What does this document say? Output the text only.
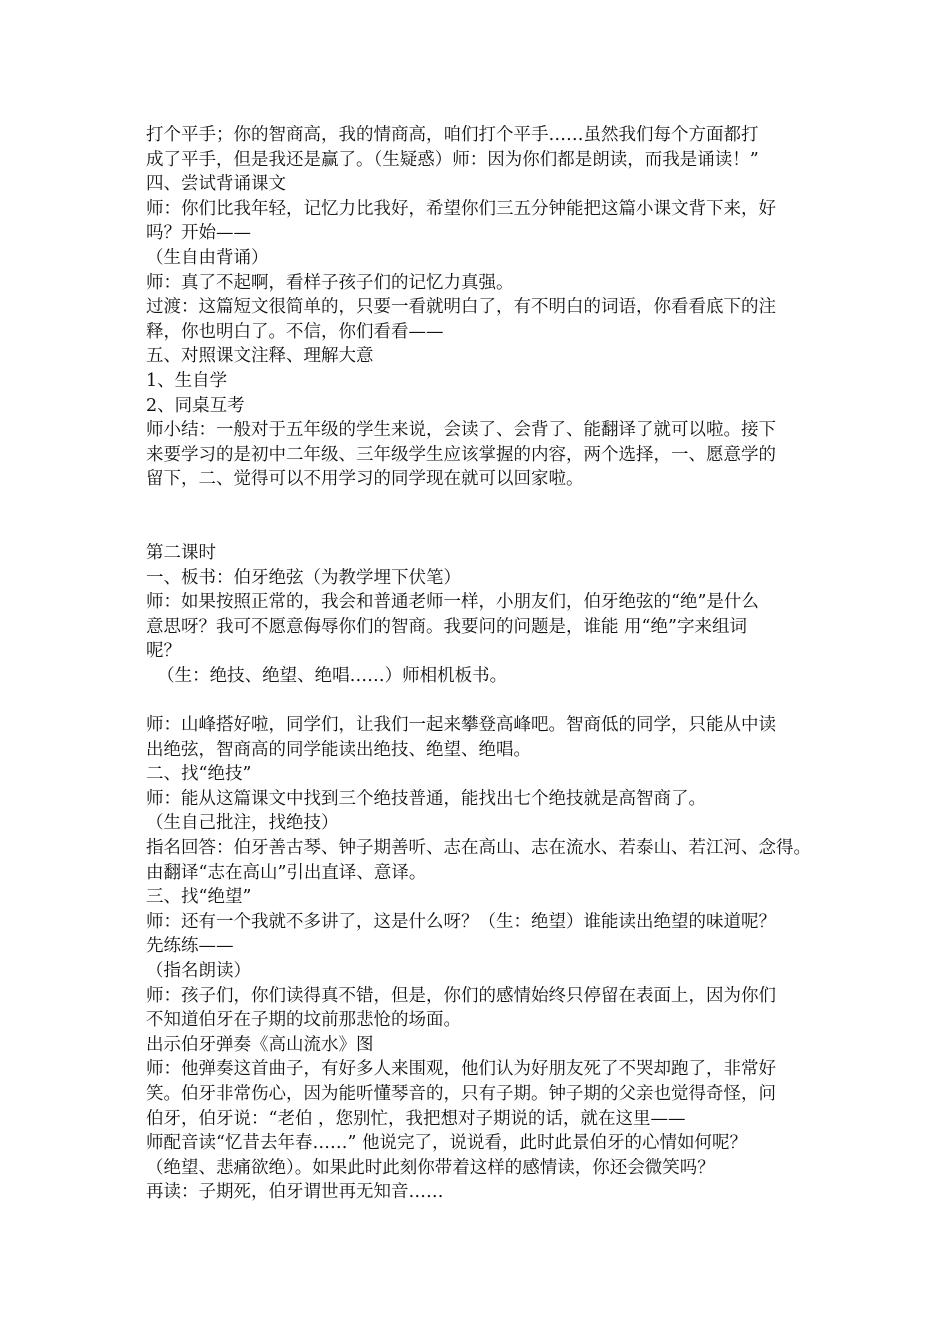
打个平手；你的智商高，我的情商高，咱们打个平手……虽然我们每个方面都打

成了平手，但是我还是赢了。（生疑惑）师：因为你们都是朗读，而我是诵读！”

四、尝试背诵课文

师：你们比我年轻，记忆力比我好，希望你们三五分钟能把这篇小课文背下来，好

吗？开始——

（生自由背诵）

师：真了不起啊，看样子孩子们的记忆力真强。

过渡：这篇短文很简单的，只要一看就明白了，有不明白的词语，你看看底下的注

释，你也明白了。不信，你们看看——

五、对照课文注释、理解大意

1、生自学

2、同桌互考

师小结：一般对于五年级的学生来说，会读了、会背了、能翻译了就可以啦。接下

来要学习的是初中二年级、三年级学生应该掌握的内容，两个选择，一、愿意学的

留下，二、觉得可以不用学习的同学现在就可以回家啦。

第二课时

一、板书：伯牙绝弦（为教学埋下伏笔）

师：如果按照正常的，我会和普通老师一样，小朋友们，伯牙绝弦的“绝”是什么

意思呀？我可不愿意侮辱你们的智商。我要问的问题是，谁能 用“绝”字来组词

呢？

（生：绝技、绝望、绝唱……）师相机板书。

师：山峰搭好啦，同学们，让我们一起来攀登高峰吧。智商低的同学，只能从中读

出绝弦，智商高的同学能读出绝技、绝望、绝唱。

二、找“绝技”

师：能从这篇课文中找到三个绝技普通，能找出七个绝技就是高智商了。

（生自己批注，找绝技）

指名回答：伯牙善古琴、钟子期善听、志在高山、志在流水、若泰山、若江河、念得。

由翻译“志在高山”引出直译、意译。

三、找“绝望”

师：还有一个我就不多讲了，这是什么呀？（生：绝望）谁能读出绝望的味道呢？

先练练——

（指名朗读）

师：孩子们，你们读得真不错，但是，你们的感情始终只停留在表面上，因为你们

不知道伯牙在子期的坟前那悲怆的场面。

出示伯牙弹奏《高山流水》图

师：他弹奏这首曲子，有好多人来围观，他们认为好朋友死了不哭却跑了，非常好

笑。伯牙非常伤心，因为能听懂琴音的，只有子期。钟子期的父亲也觉得奇怪，问

伯牙，伯牙说：“老伯 ，您别忙，我把想对子期说的话，就在这里——

师配音读“忆昔去年春……” 他说完了，说说看，此时此景伯牙的心情如何呢？

（绝望、悲痛欲绝）。如果此时此刻你带着这样的感情读，你还会微笑吗？

再读：子期死，伯牙谓世再无知音……
